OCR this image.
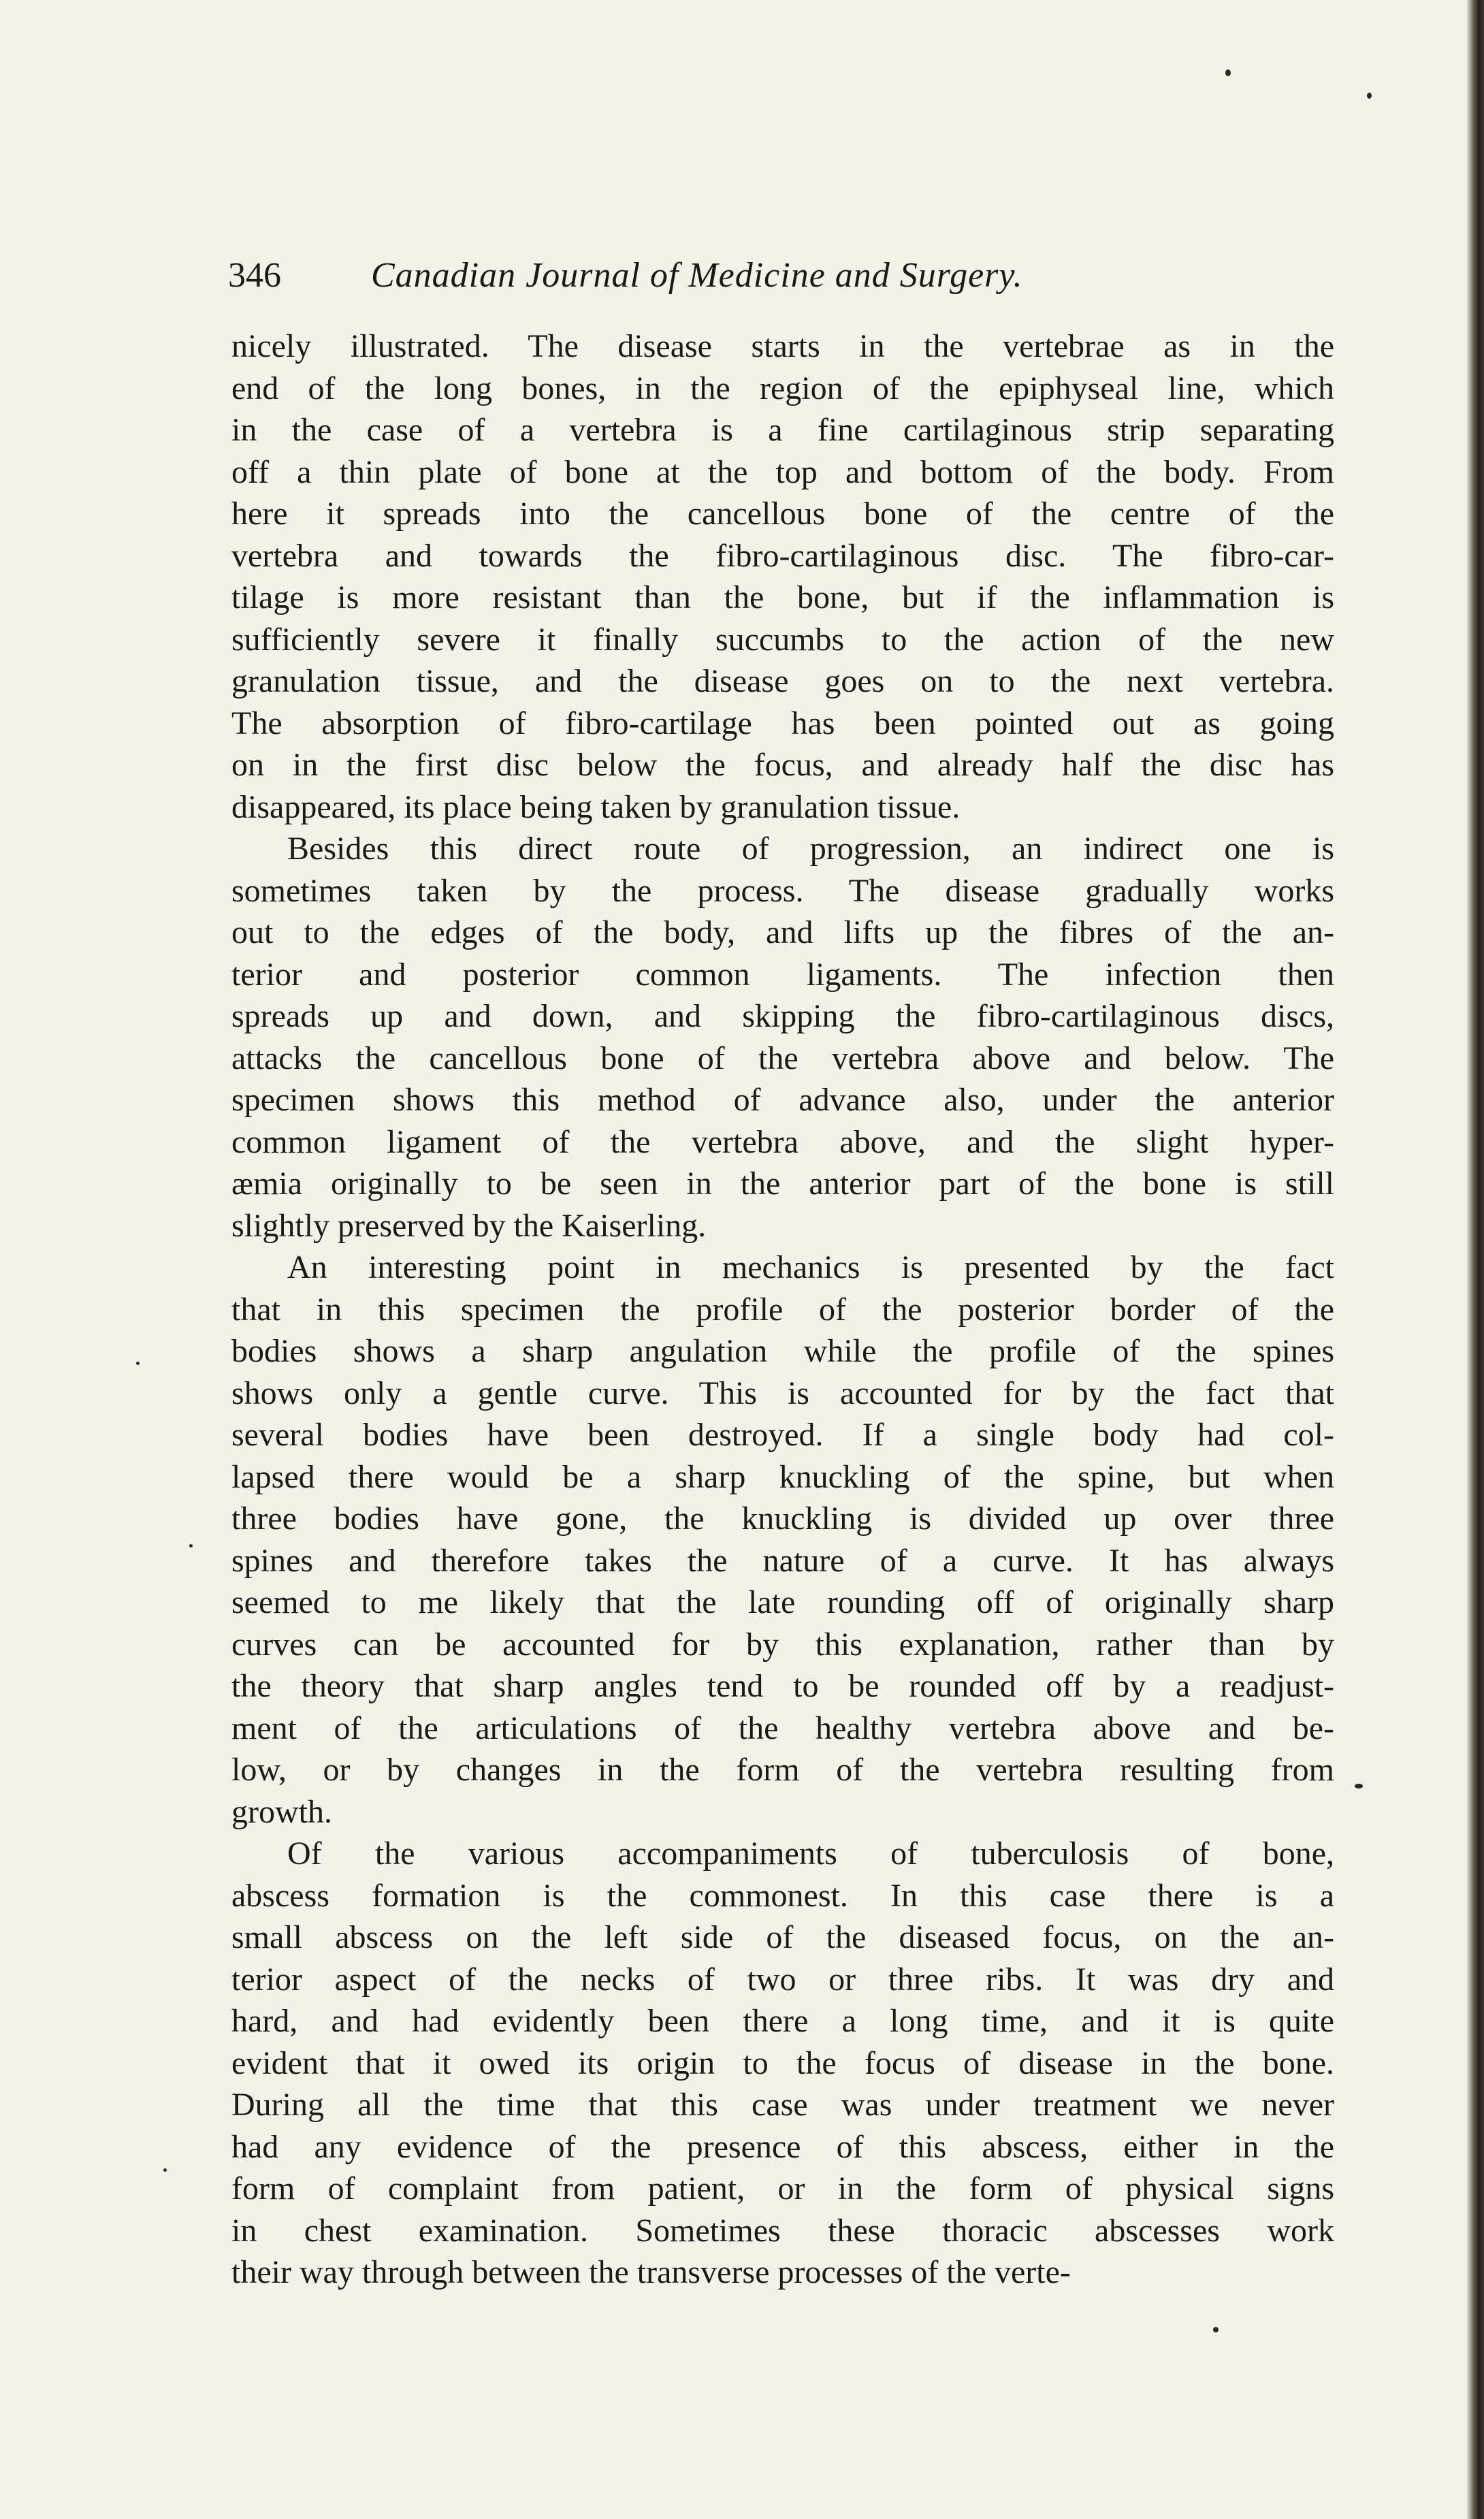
346	Canadian Journal of Medicine and Surgery.
nicely illustrated. The disease starts in the vertebrae as in the
end of the long bones, in the region of the epiphyseal line, which
in the case of a vertebra is a fine cartilaginous strip separating
off a thin plate of bone at the top and bottom of the body. From
here it spreads into the cancellous bone of the centre of the
vertebra and towards the fibro-cartilaginous disc. The fibro-car-
tilage is more resistant than the bone, but if the inflammation is
sufficiently severe it finally succumbs to the action of the new
granulation tissue, and the disease goes on to the next vertebra.
The absorption of fibro-cartilage has been pointed out as going
on in the first disc below the focus, and already half the disc has
disappeared, its place being taken by granulation tissue.
Besides this direct route of progression, an indirect one is
sometimes taken by the process. The disease gradually works
out to the edges of the body, and lifts up the fibres of the an-
terior and posterior common ligaments. The infection then
spreads up and down, and skipping the fibro-cartilaginous discs,
attacks the cancellous bone of the vertebra above and below. The
specimen shows this method of advance also, under the anterior
common ligament of the vertebra above, and the slight hyper-
æmia originally to be seen in the anterior part of the bone is still
slightly preserved by the Kaiserling.
An interesting point in mechanics is presented by the fact
that in this specimen the profile of the posterior border of the
bodies shows a sharp angulation while the profile of the spines
shows only a gentle curve. This is accounted for by the fact that
several bodies have been destroyed. If a single body had col-
lapsed there would be a sharp knuckling of the spine, but when
three bodies have gone, the knuckling is divided up over three
spines and therefore takes the nature of a curve. It has always
seemed to me likely that the late rounding off of originally sharp
curves can be accounted for by this explanation, rather than by
the theory that sharp angles tend to be rounded off by a readjust-
ment of the articulations of the healthy vertebra above and be-
low, or by changes in the form of the vertebra resulting from
growth.
Of the various accompaniments of tuberculosis of bone,
abscess formation is the commonest. In this case there is a
small abscess on the left side of the diseased focus, on the an-
terior aspect of the necks of two or three ribs. It was dry and
hard, and had evidently been there a long time, and it is quite
evident that it owed its origin to the focus of disease in the bone.
During all the time that this case was under treatment we never
had any evidence of the presence of this abscess, either in the
form of complaint from patient, or in the form of physical signs
in chest examination. Sometimes these thoracic abscesses work
their way through between the transverse processes of the verte-
